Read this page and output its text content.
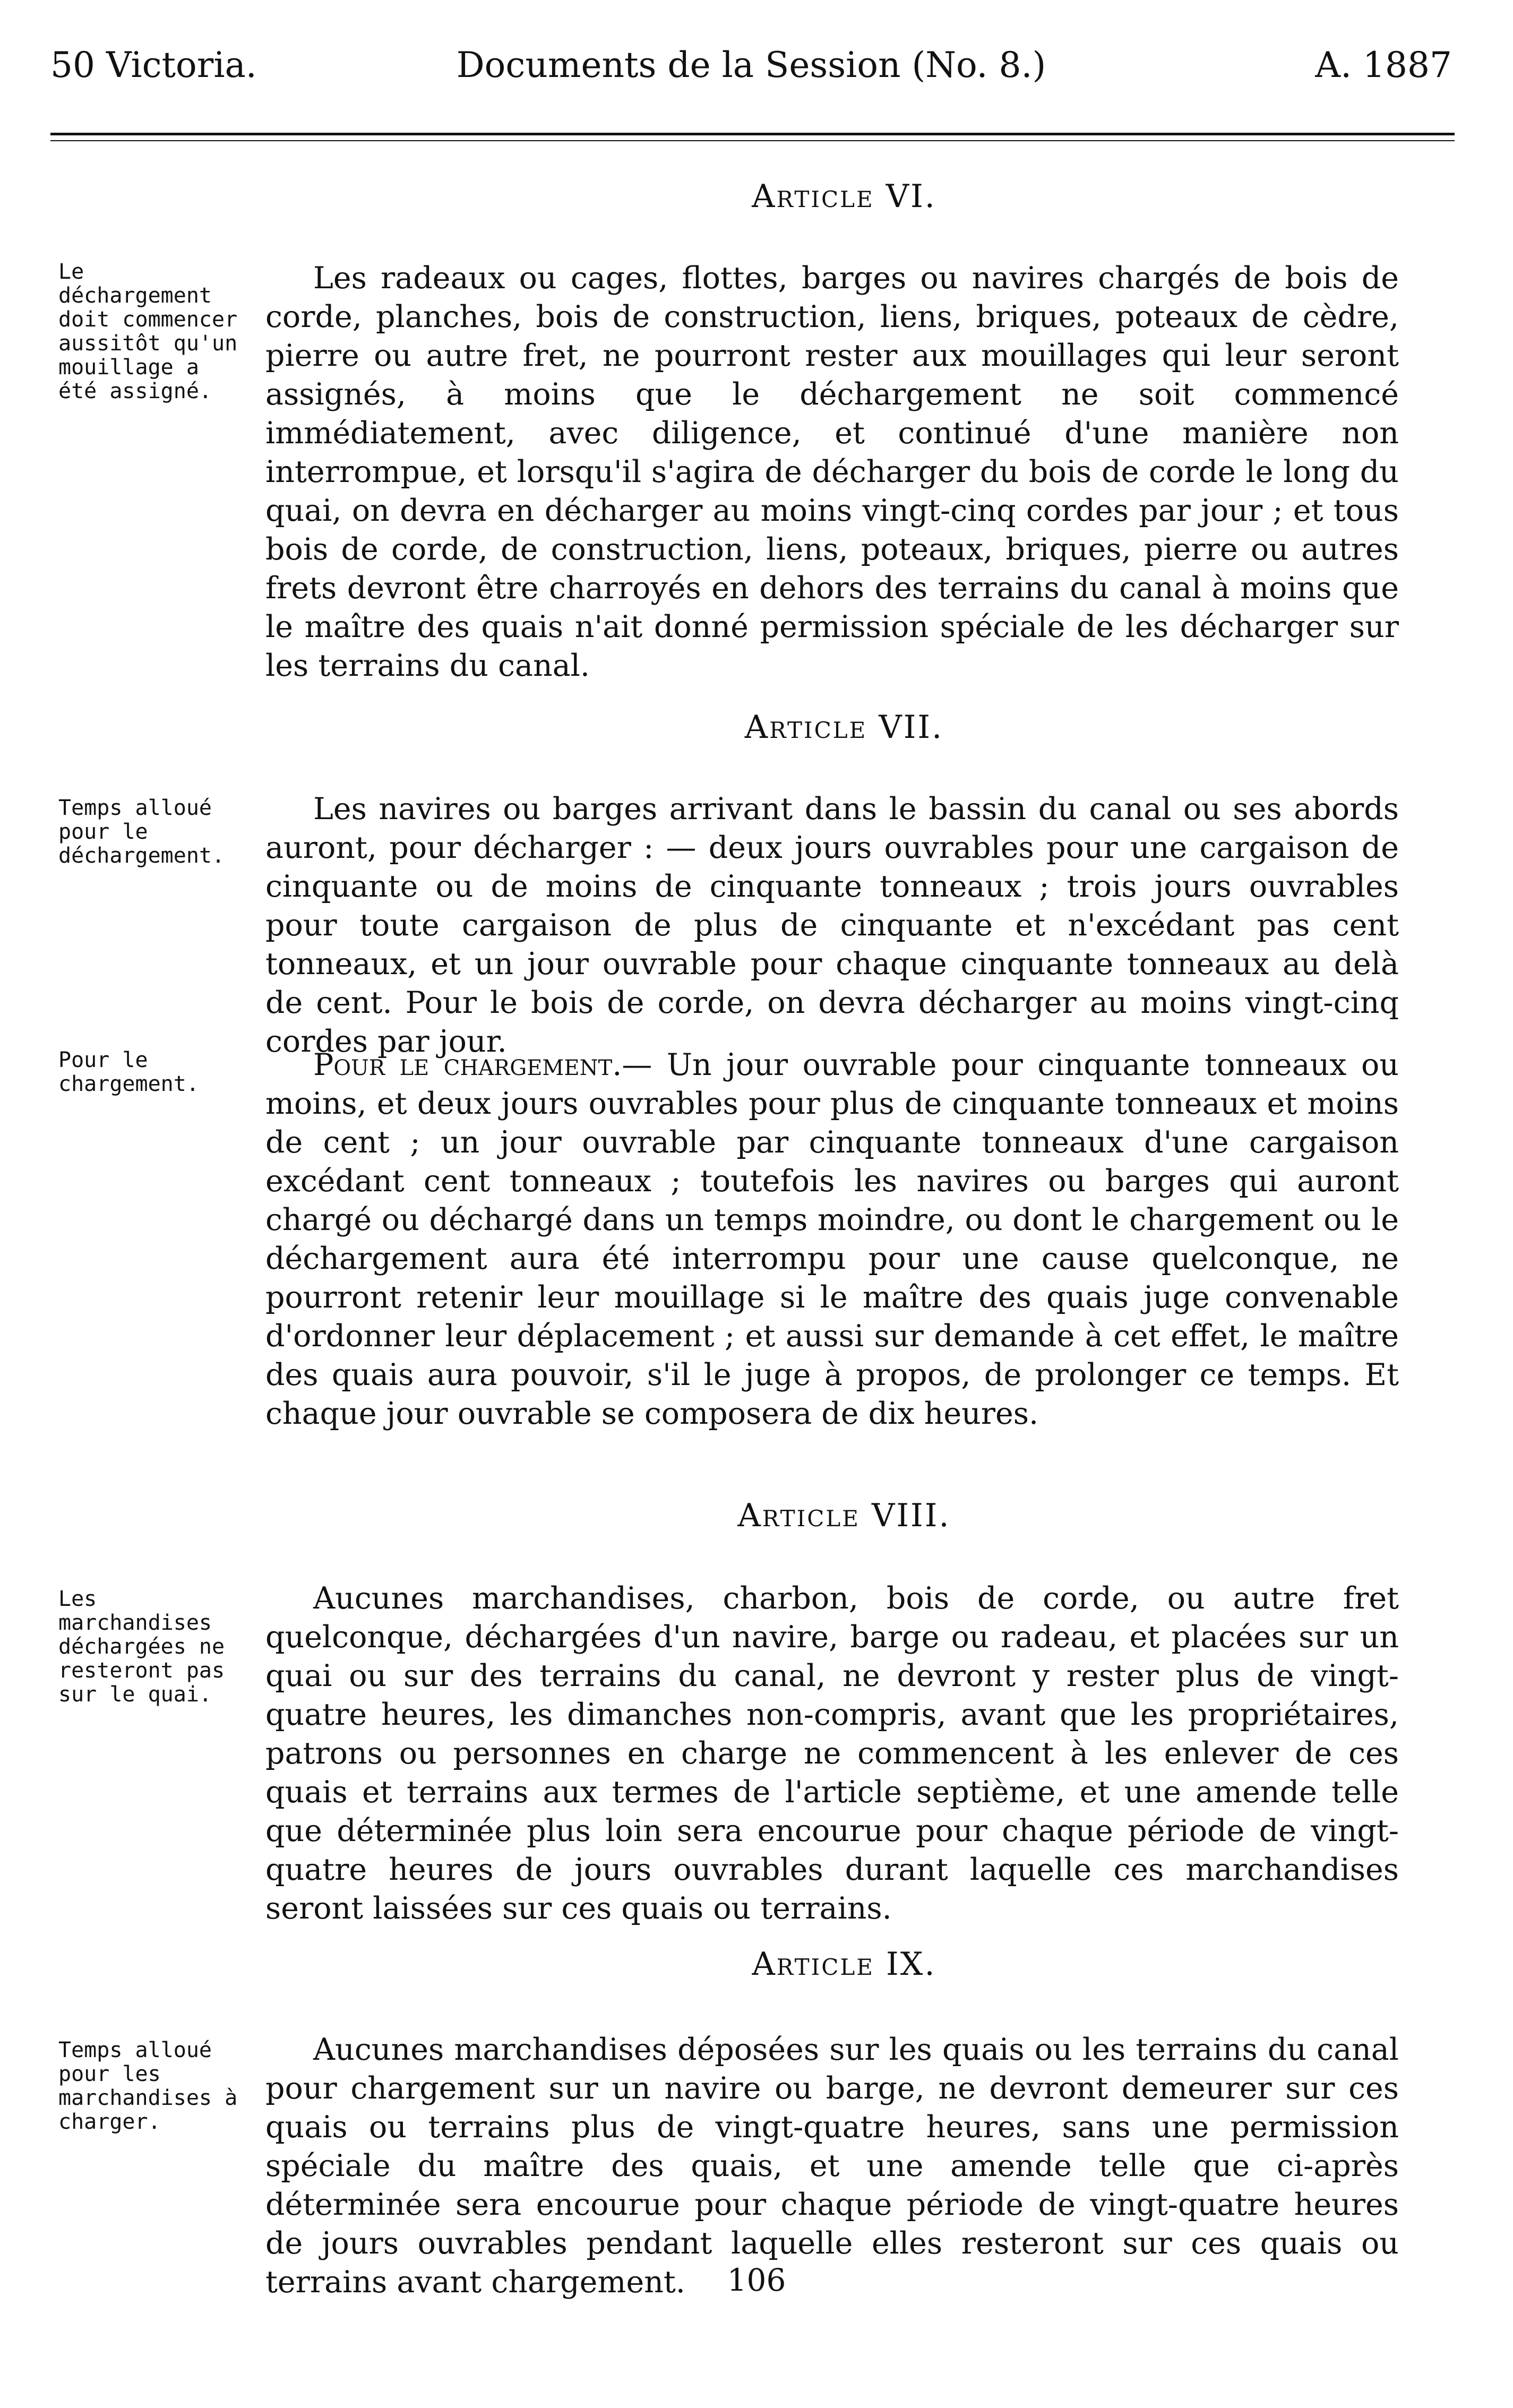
50 Victoria.	Documents de la Session (No. 8.)	A. 1887
Article VI.
Le déchargement doit commencer aussitôt qu'un mouillage a été assigné.
Les radeaux ou cages, flottes, barges ou navires chargés de bois de corde, planches, bois de construction, liens, briques, poteaux de cèdre, pierre ou autre fret, ne pourront rester aux mouillages qui leur seront assignés, à moins que le déchargement ne soit commencé immédiatement, avec diligence, et continué d'une manière non interrompue, et lorsqu'il s'agira de décharger du bois de corde le long du quai, on devra en décharger au moins vingt-cinq cordes par jour ; et tous bois de corde, de construction, liens, poteaux, briques, pierre ou autres frets devront être charroyés en dehors des terrains du canal à moins que le maître des quais n'ait donné permission spéciale de les décharger sur les terrains du canal.
Article VII.
Temps alloué pour le déchargement.
Pour le chargement.
Les navires ou barges arrivant dans le bassin du canal ou ses abords auront, pour décharger : — deux jours ouvrables pour une cargaison de cinquante ou de moins de cinquante tonneaux ; trois jours ouvrables pour toute cargaison de plus de cinquante et n'excédant pas cent tonneaux, et un jour ouvrable pour chaque cinquante tonneaux au delà de cent. Pour le bois de corde, on devra décharger au moins vingt-cinq cordes par jour.
Pour le chargement.— Un jour ouvrable pour cinquante tonneaux ou moins, et deux jours ouvrables pour plus de cinquante tonneaux et moins de cent ; un jour ouvrable par cinquante tonneaux d'une cargaison excédant cent tonneaux ; toutefois les navires ou barges qui auront chargé ou déchargé dans un temps moindre, ou dont le chargement ou le déchargement aura été interrompu pour une cause quelconque, ne pourront retenir leur mouillage si le maître des quais juge convenable d'ordonner leur déplacement ; et aussi sur demande à cet effet, le maître des quais aura pouvoir, s'il le juge à propos, de prolonger ce temps. Et chaque jour ouvrable se composera de dix heures.
Article VIII.
Les marchandises déchargées ne resteront pas sur le quai.
Aucunes marchandises, charbon, bois de corde, ou autre fret quelconque, déchargées d'un navire, barge ou radeau, et placées sur un quai ou sur des terrains du canal, ne devront y rester plus de vingt-quatre heures, les dimanches non-compris, avant que les propriétaires, patrons ou personnes en charge ne commencent à les enlever de ces quais et terrains aux termes de l'article septième, et une amende telle que déterminée plus loin sera encourue pour chaque période de vingt-quatre heures de jours ouvrables durant laquelle ces marchandises seront laissées sur ces quais ou terrains.
Article IX.
Temps alloué pour les marchandises à charger.
Aucunes marchandises déposées sur les quais ou les terrains du canal pour chargement sur un navire ou barge, ne devront demeurer sur ces quais ou terrains plus de vingt-quatre heures, sans une permission spéciale du maître des quais, et une amende telle que ci-après déterminée sera encourue pour chaque période de vingt-quatre heures de jours ouvrables pendant laquelle elles resteront sur ces quais ou terrains avant chargement.	106
